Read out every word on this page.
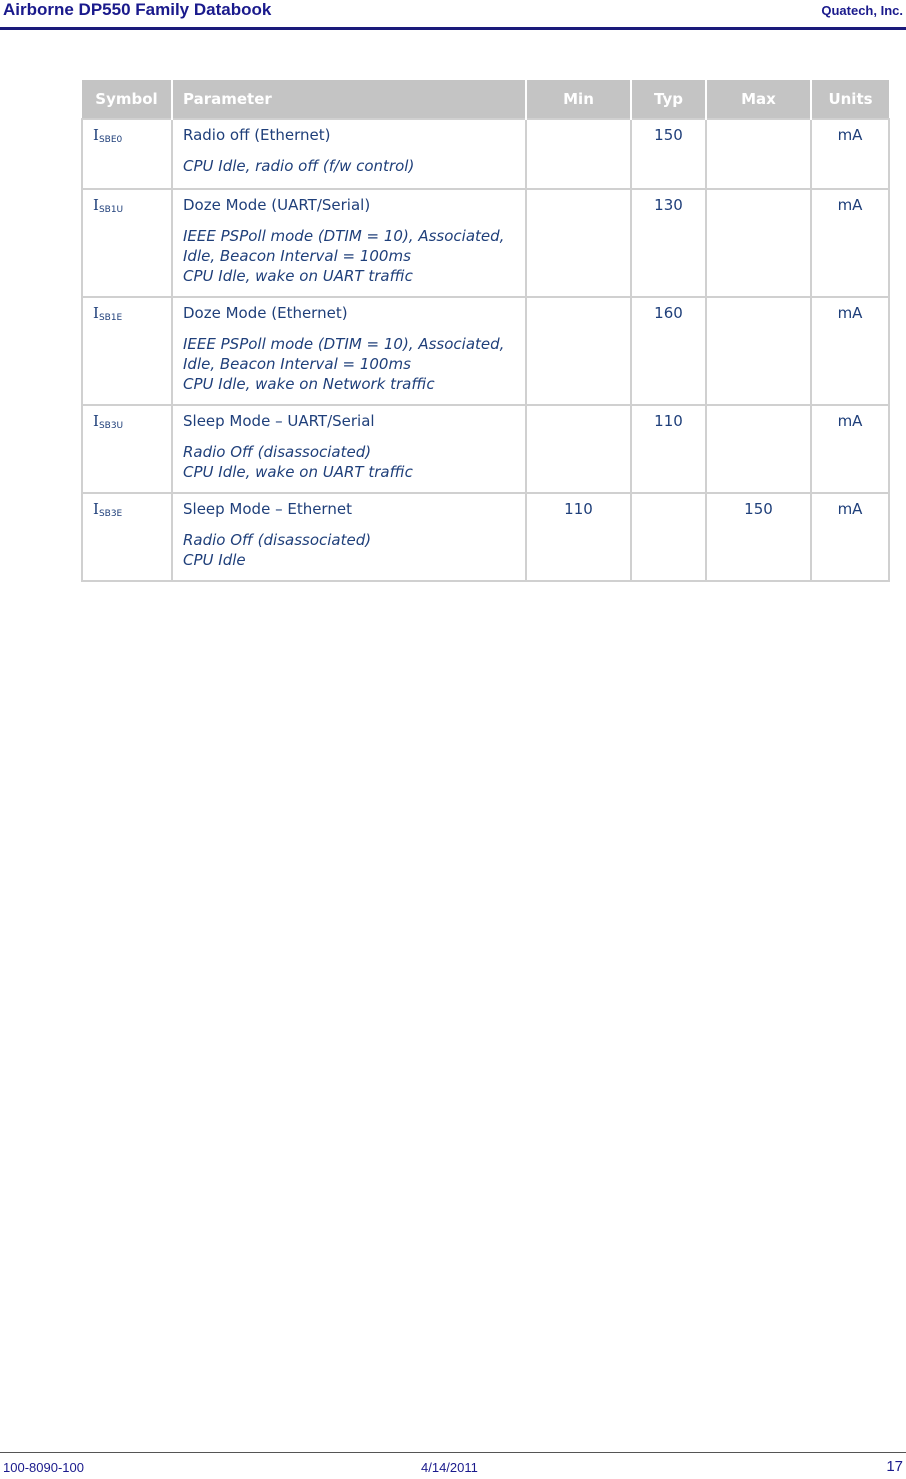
Airborne DP550 Family Databook	Quatech, Inc.
Symbol	Parameter	Min	Typ	Max	Units
$I_{SBE0}$	Radio off (Ethernet)

CPU Idle, radio off (f/w control)		150		mA
$I_{SB1U}$	Doze Mode (UART/Serial)

IEEE PSPoll mode (DTIM = 10), Associated,
Idle, Beacon Interval = 100ms
CPU Idle, wake on UART traffic		130		mA
$I_{SB1E}$	Doze Mode (Ethernet)

IEEE PSPoll mode (DTIM = 10), Associated,
Idle, Beacon Interval = 100ms
CPU Idle, wake on Network traffic		160		mA
$I_{SB3U}$	Sleep Mode – UART/Serial

Radio Off (disassociated)
CPU Idle, wake on UART traffic		110		mA
$I_{SB3E}$	Sleep Mode – Ethernet

Radio Off (disassociated)
CPU Idle	110		150	mA
100-8090-100	4/14/2011	17
